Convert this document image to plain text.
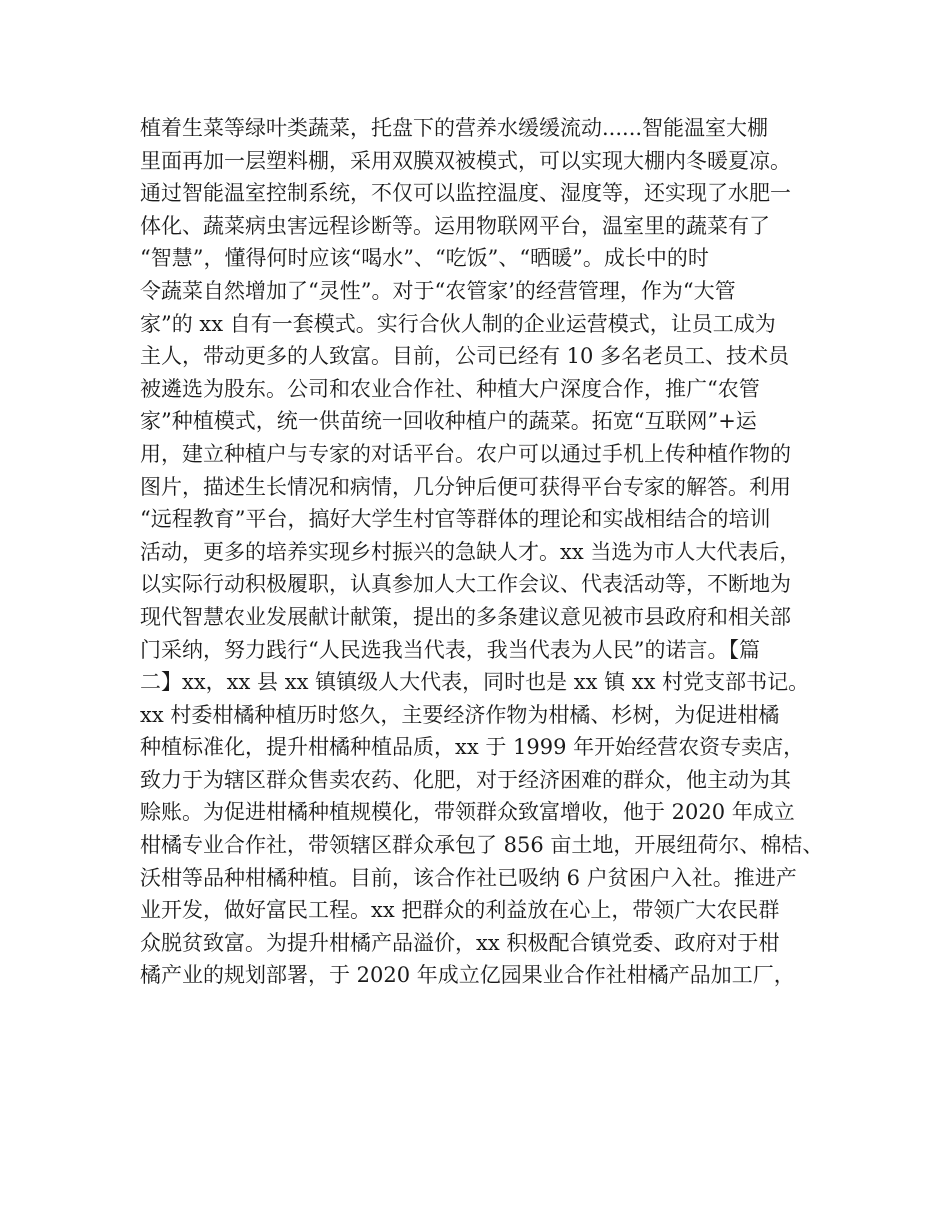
植着生菜等绿叶类蔬菜，托盘下的营养水缓缓流动......智能温室大棚
里面再加一层塑料棚，采用双膜双被模式，可以实现大棚内冬暖夏凉。
通过智能温室控制系统，不仅可以监控温度、湿度等，还实现了水肥一
体化、蔬菜病虫害远程诊断等。运用物联网平台，温室里的蔬菜有了
“智慧”，懂得何时应该“喝水”、“吃饭”、“晒暖”。成长中的时
令蔬菜自然增加了“灵性”。对于“农管家’的经营管理，作为“大管
家”的 xx 自有一套模式。实行合伙人制的企业运营模式，让员工成为
主人，带动更多的人致富。目前，公司已经有 10 多名老员工、技术员
被遴选为股东。公司和农业合作社、种植大户深度合作，推广“农管
家”种植模式，统一供苗统一回收种植户的蔬菜。拓宽“互联网”+运
用，建立种植户与专家的对话平台。农户可以通过手机上传种植作物的
图片，描述生长情况和病情，几分钟后便可获得平台专家的解答。利用
“远程教育”平台，搞好大学生村官等群体的理论和实战相结合的培训
活动，更多的培养实现乡村振兴的急缺人才。xx 当选为市人大代表后，
以实际行动积极履职，认真参加人大工作会议、代表活动等，不断地为
现代智慧农业发展献计献策，提出的多条建议意见被市县政府和相关部
门采纳，努力践行“人民选我当代表，我当代表为人民”的诺言。【篇
二】xx，xx 县 xx 镇镇级人大代表，同时也是 xx 镇 xx 村党支部书记。
xx 村委柑橘种植历时悠久，主要经济作物为柑橘、杉树，为促进柑橘
种植标准化，提升柑橘种植品质，xx 于 1999 年开始经营农资专卖店，
致力于为辖区群众售卖农药、化肥，对于经济困难的群众，他主动为其
赊账。为促进柑橘种植规模化，带领群众致富增收，他于 2020 年成立
柑橘专业合作社，带领辖区群众承包了 856 亩土地，开展纽荷尔、棉桔、
沃柑等品种柑橘种植。目前，该合作社已吸纳 6 户贫困户入社。推进产
业开发，做好富民工程。xx 把群众的利益放在心上，带领广大农民群
众脱贫致富。为提升柑橘产品溢价，xx 积极配合镇党委、政府对于柑
橘产业的规划部署，于 2020 年成立亿园果业合作社柑橘产品加工厂，
